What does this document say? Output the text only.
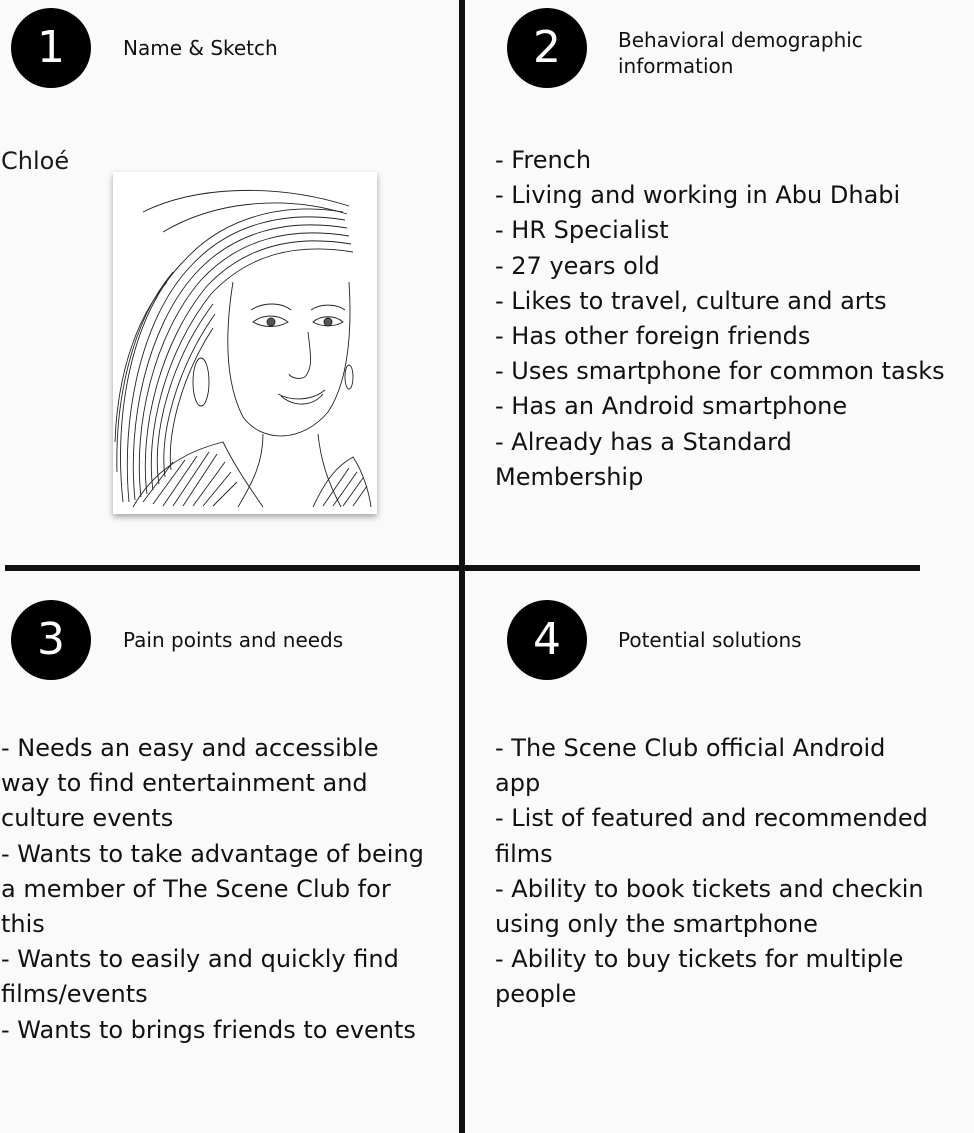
1	Name & Sketch
Chloé
2	Behavioral demographic information
- French
- Living and working in Abu Dhabi
- HR Specialist
- 27 years old
- Likes to travel, culture and arts
- Has other foreign friends
- Uses smartphone for common tasks
- Has an Android smartphone
- Already has a Standard
Membership
3	Pain points and needs
- Needs an easy and accessible
way to find entertainment and
culture events
- Wants to take advantage of being
a member of The Scene Club for
this
- Wants to easily and quickly find
films/events
- Wants to brings friends to events
4	Potential solutions
- The Scene Club official Android
app
- List of featured and recommended
films
- Ability to book tickets and checkin
using only the smartphone
- Ability to buy tickets for multiple
people
